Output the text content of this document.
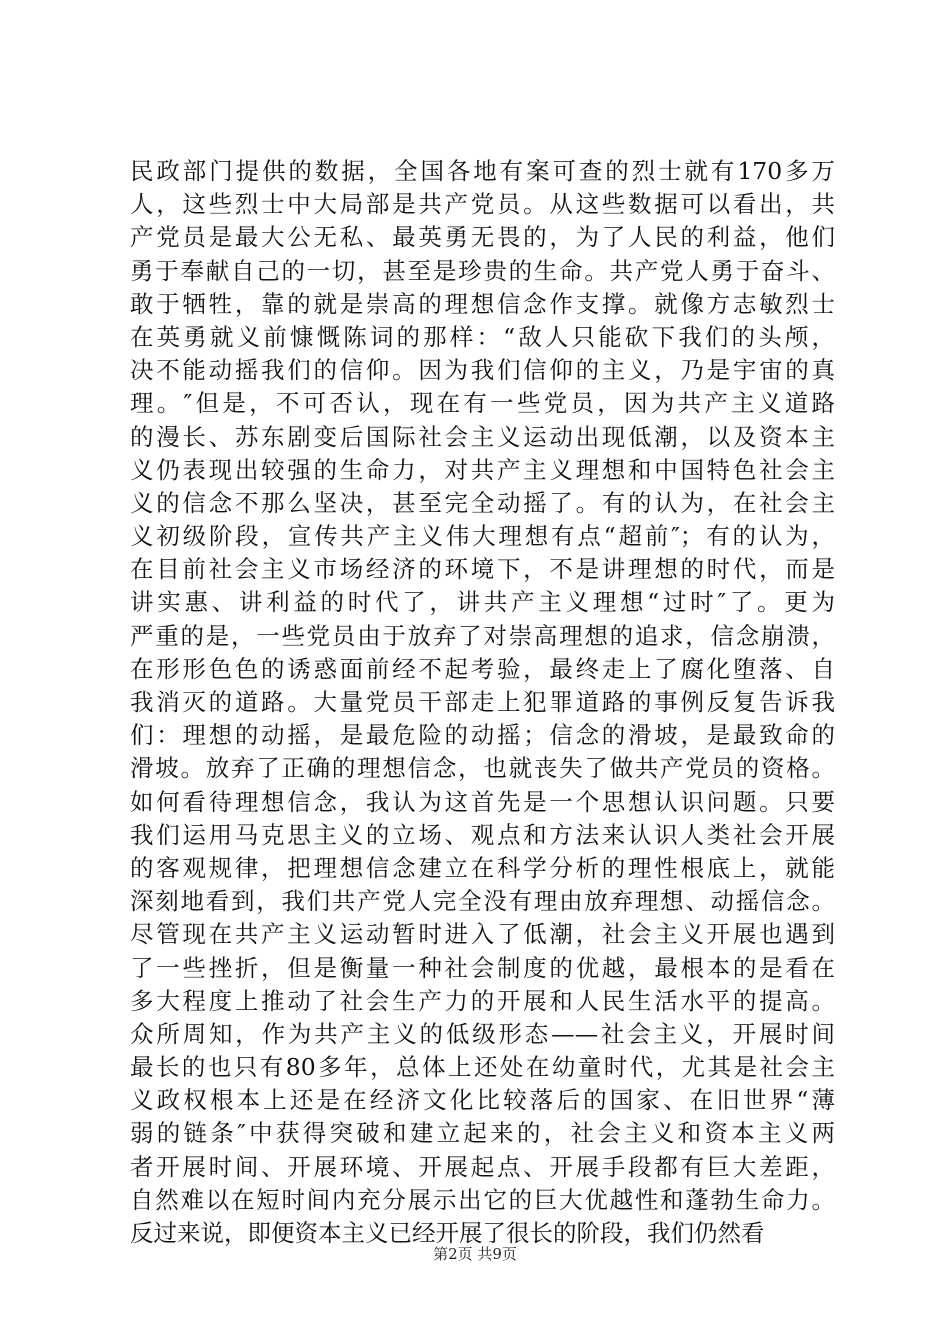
民政部门提供的数据，全国各地有案可查的烈士就有170多万
人，这些烈士中大局部是共产党员。从这些数据可以看出，共
产党员是最大公无私、最英勇无畏的，为了人民的利益，他们
勇于奉献自己的一切，甚至是珍贵的生命。共产党人勇于奋斗、
敢于牺牲，靠的就是崇高的理想信念作支撑。就像方志敏烈士
在英勇就义前慷慨陈词的那样：“敌人只能砍下我们的头颅，
决不能动摇我们的信仰。因为我们信仰的主义，乃是宇宙的真
理。″但是，不可否认，现在有一些党员，因为共产主义道路
的漫长、苏东剧变后国际社会主义运动出现低潮，以及资本主
义仍表现出较强的生命力，对共产主义理想和中国特色社会主
义的信念不那么坚决，甚至完全动摇了。有的认为，在社会主
义初级阶段，宣传共产主义伟大理想有点“超前″；有的认为，
在目前社会主义市场经济的环境下，不是讲理想的时代，而是
讲实惠、讲利益的时代了，讲共产主义理想“过时″了。更为
严重的是，一些党员由于放弃了对崇高理想的追求，信念崩溃，
在形形色色的诱惑面前经不起考验，最终走上了腐化堕落、自
我消灭的道路。大量党员干部走上犯罪道路的事例反复告诉我
们：理想的动摇，是最危险的动摇；信念的滑坡，是最致命的
滑坡。放弃了正确的理想信念，也就丧失了做共产党员的资格。
如何看待理想信念，我认为这首先是一个思想认识问题。只要
我们运用马克思主义的立场、观点和方法来认识人类社会开展
的客观规律，把理想信念建立在科学分析的理性根底上，就能
深刻地看到，我们共产党人完全没有理由放弃理想、动摇信念。
尽管现在共产主义运动暂时进入了低潮，社会主义开展也遇到
了一些挫折，但是衡量一种社会制度的优越，最根本的是看在
多大程度上推动了社会生产力的开展和人民生活水平的提高。
众所周知，作为共产主义的低级形态——社会主义，开展时间
最长的也只有80多年，总体上还处在幼童时代，尤其是社会主
义政权根本上还是在经济文化比较落后的国家、在旧世界“薄
弱的链条″中获得突破和建立起来的，社会主义和资本主义两
者开展时间、开展环境、开展起点、开展手段都有巨大差距，
自然难以在短时间内充分展示出它的巨大优越性和蓬勃生命力。
反过来说，即便资本主义已经开展了很长的阶段，我们仍然看
第2页 共9页
